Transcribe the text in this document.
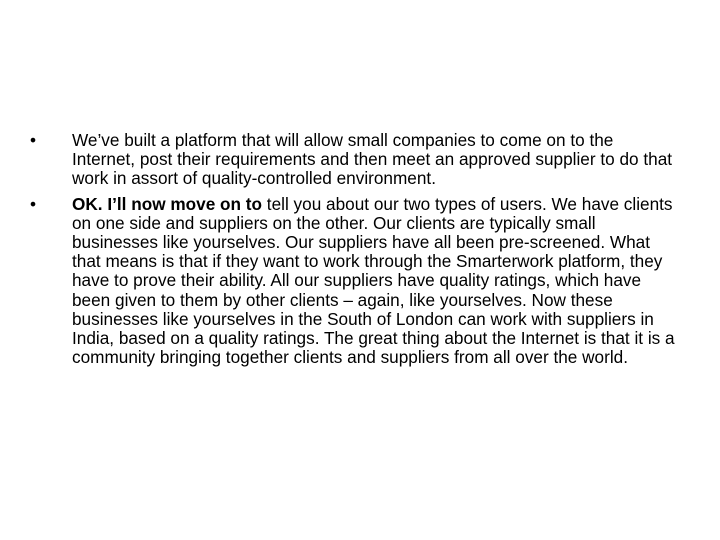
•	We’ve built a platform that will allow small companies to come on to the Internet, post their requirements and then meet an approved supplier to do that work in assort of quality-controlled environment.
•	OK. I’ll now move on to tell you about our two types of users. We have clients on one side and suppliers on the other. Our clients are typically small businesses like yourselves. Our suppliers have all been pre-screened. What that means is that if they want to work through the Smarterwork platform, they have to prove their ability. All our suppliers have quality ratings, which have been given to them by other clients – again, like yourselves. Now these businesses like yourselves in the South of London can work with suppliers in India, based on a quality ratings. The great thing about the Internet is that it is a community bringing together clients and suppliers from all over the world.
